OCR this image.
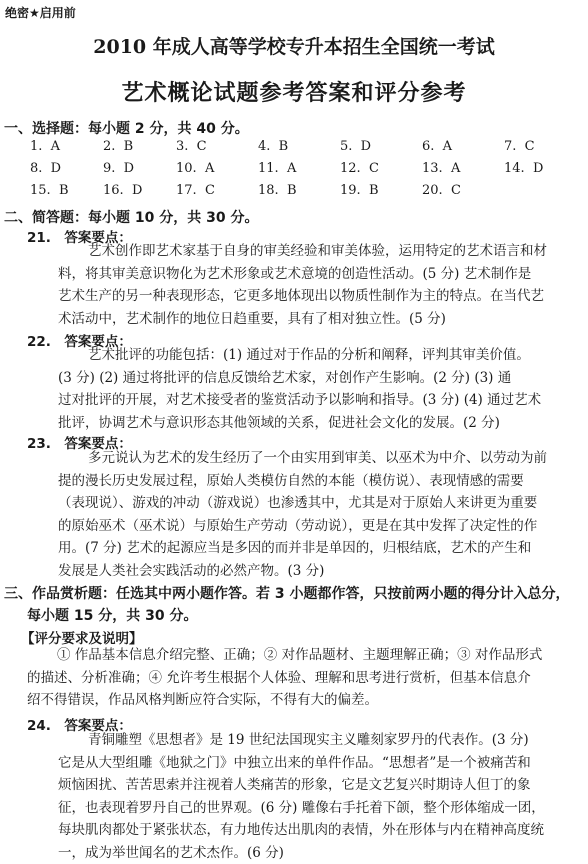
绝密★启用前
2010 年成人高等学校专升本招生全国统一考试
艺术概论试题参考答案和评分参考
一、选择题：每小题 2 分，共 40 分。
1. A	2. B	3. C	4. B	5. D	6. A	7. C
8. D	9. D	10. A	11. A	12. C	13. A	14. D
15. B	16. D	17. C	18. B	19. B	20. C
二、简答题：每小题 10 分，共 30 分。
21.　答案要点：
艺术创作即艺术家基于自身的审美经验和审美体验，运用特定的艺术语言和材
料，将其审美意识物化为艺术形象或艺术意境的创造性活动。(5 分) 艺术制作是
艺术生产的另一种表现形态，它更多地体现出以物质性制作为主的特点。在当代艺
术活动中，艺术制作的地位日趋重要，具有了相对独立性。(5 分)
22.　答案要点：
艺术批评的功能包括：(1) 通过对于作品的分析和阐释，评判其审美价值。
(3 分) (2) 通过将批评的信息反馈给艺术家，对创作产生影响。(2 分) (3) 通
过对批评的开展，对艺术接受者的鉴赏活动予以影响和指导。(3 分) (4) 通过艺术
批评，协调艺术与意识形态其他领域的关系，促进社会文化的发展。(2 分)
23.　答案要点：
多元说认为艺术的发生经历了一个由实用到审美、以巫术为中介、以劳动为前
提的漫长历史发展过程，原始人类模仿自然的本能（模仿说）、表现情感的需要
（表现说）、游戏的冲动（游戏说）也渗透其中，尤其是对于原始人来讲更为重要
的原始巫术（巫术说）与原始生产劳动（劳动说），更是在其中发挥了决定性的作
用。(7 分) 艺术的起源应当是多因的而并非是单因的，归根结底，艺术的产生和
发展是人类社会实践活动的必然产物。(3 分)
三、作品赏析题：任选其中两小题作答。若 3 小题都作答，只按前两小题的得分计入总分，
每小题 15 分，共 30 分。
【评分要求及说明】
① 作品基本信息介绍完整、正确；② 对作品题材、主题理解正确；③ 对作品形式
的描述、分析准确；④ 允许考生根据个人体验、理解和思考进行赏析，但基本信息介
绍不得错误，作品风格判断应符合实际，不得有大的偏差。
24.　答案要点：
青铜雕塑《思想者》是 19 世纪法国现实主义雕刻家罗丹的代表作。(3 分)
它是从大型组雕《地狱之门》中独立出来的单件作品。“思想者”是一个被痛苦和
烦恼困扰、苦苦思索并注视着人类痛苦的形象，它是文艺复兴时期诗人但丁的象
征，也表现着罗丹自己的世界观。(6 分) 雕像右手托着下颌，整个形体缩成一团，
每块肌肉都处于紧张状态，有力地传达出肌肉的表情，外在形体与内在精神高度统
一，成为举世闻名的艺术杰作。(6 分)
